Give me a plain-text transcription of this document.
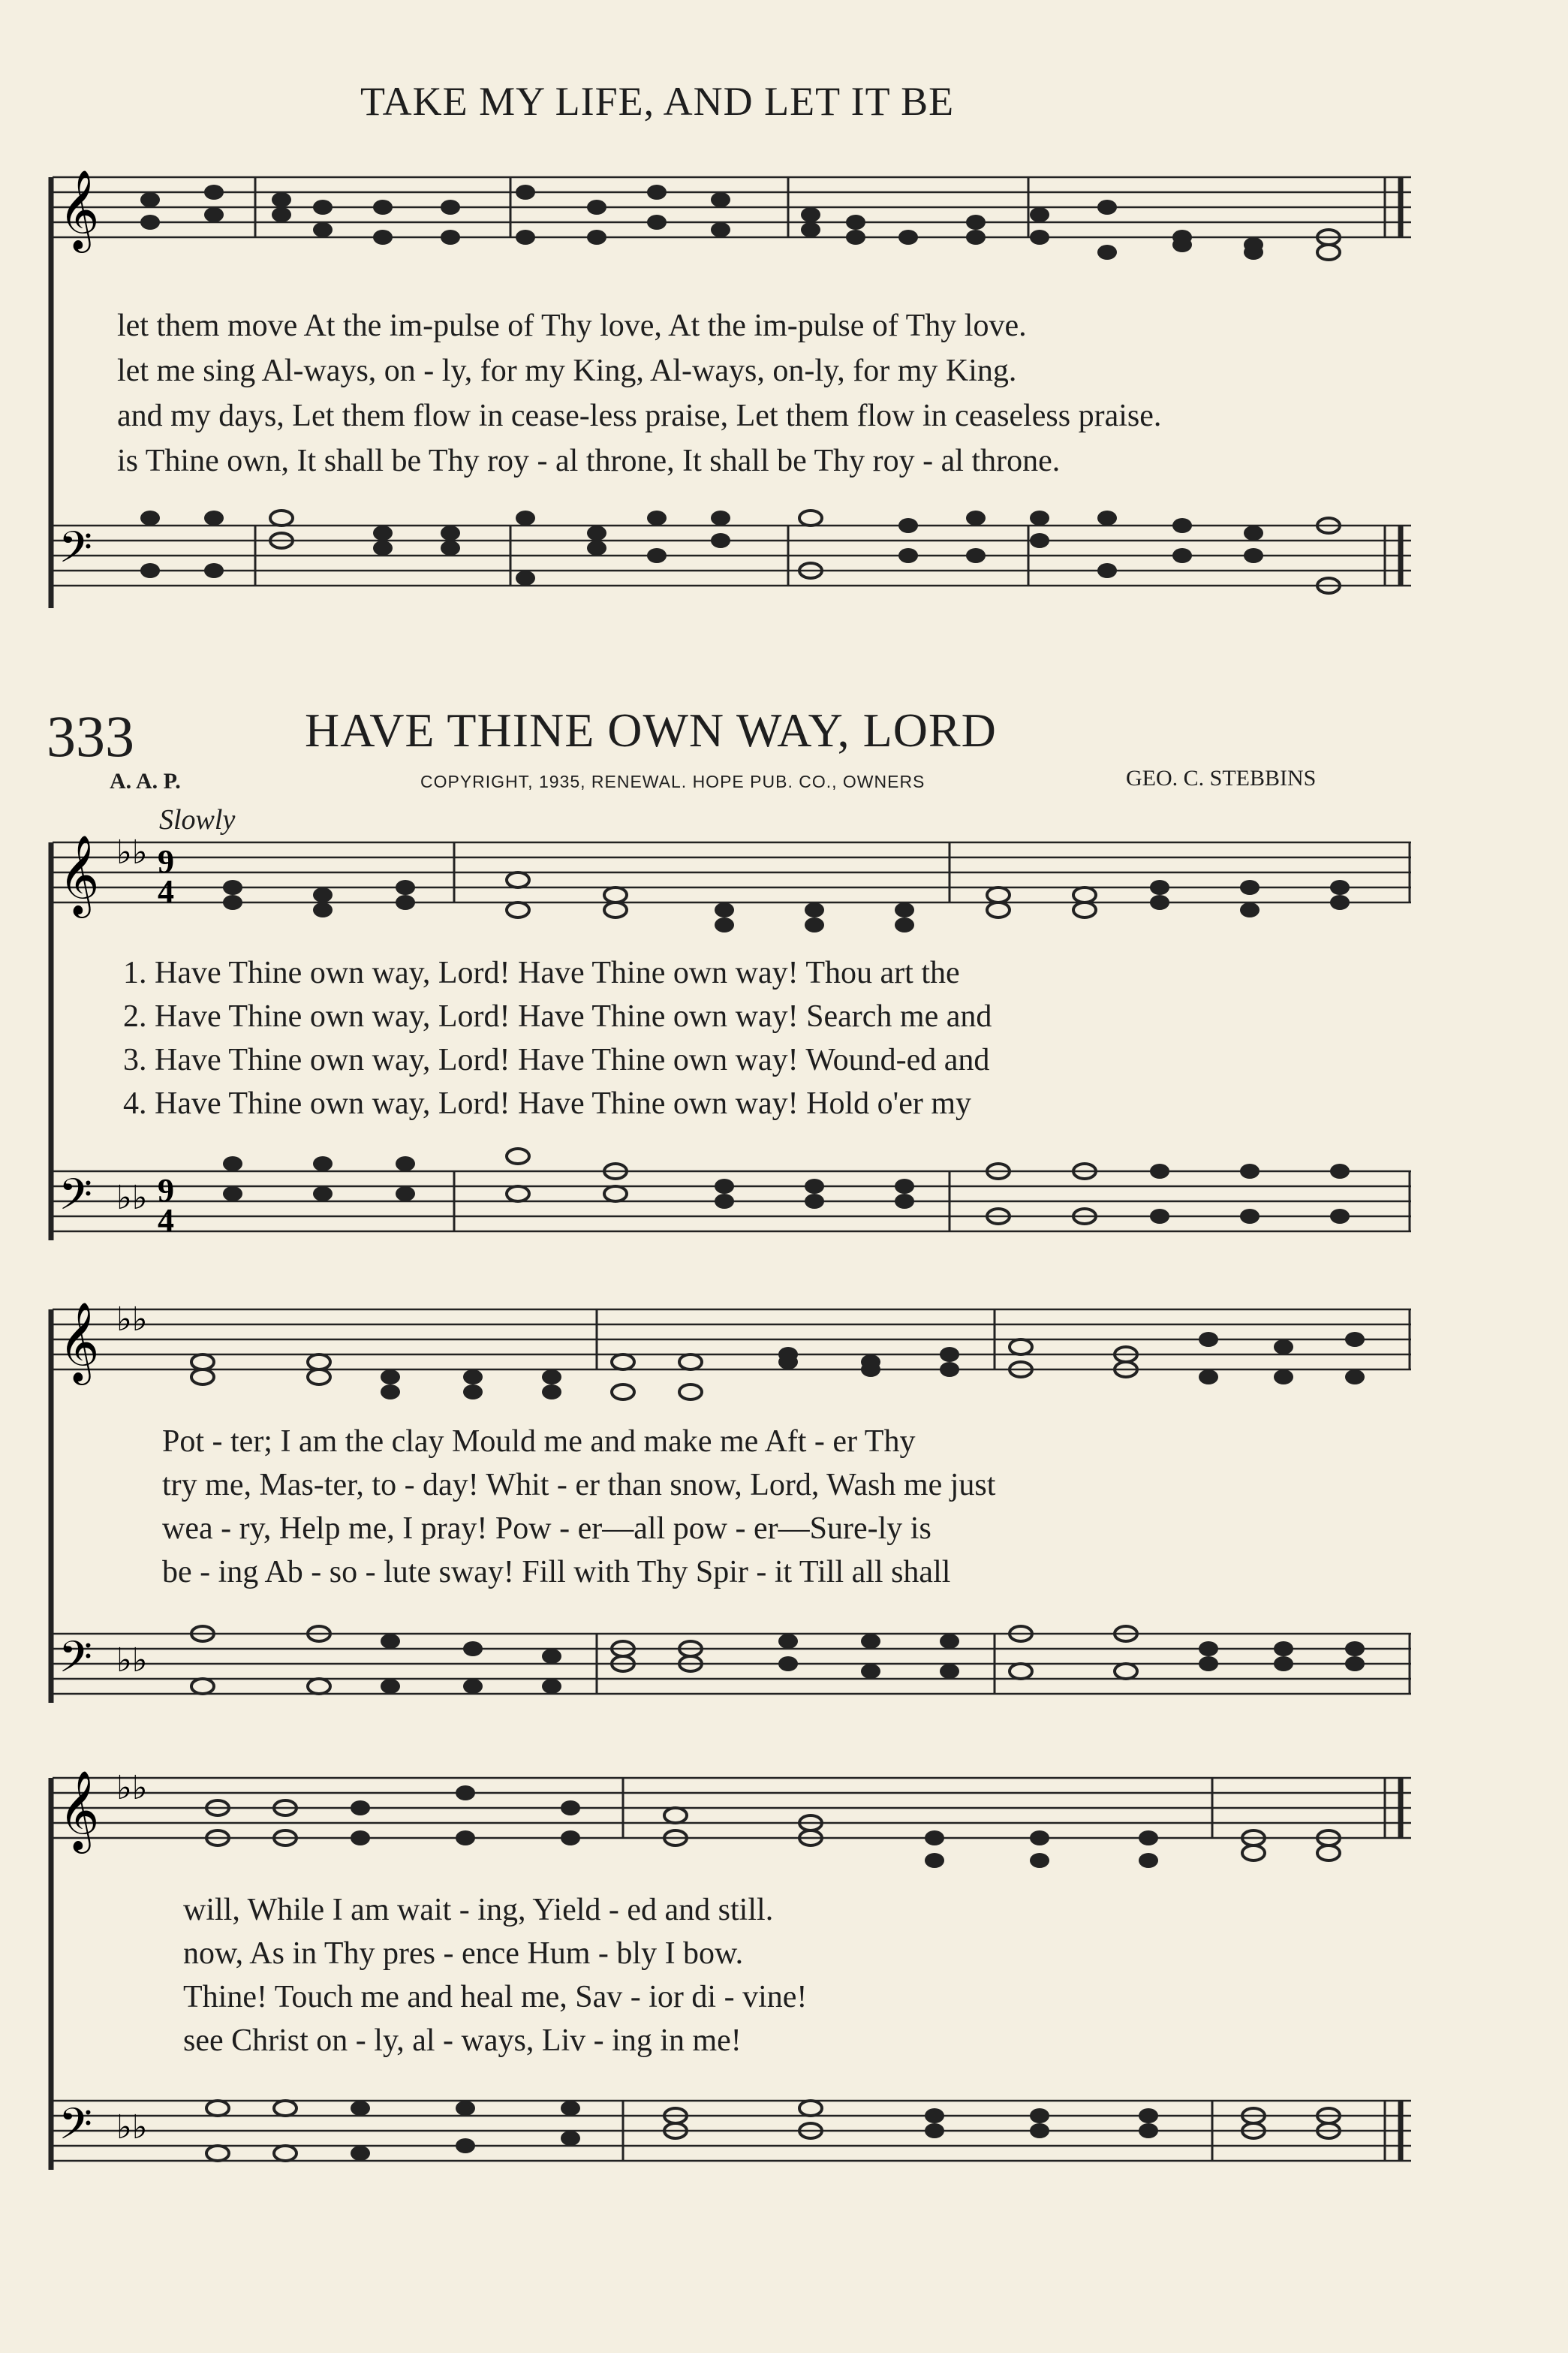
TAKE MY LIFE, AND LET IT BE
𝄞
𝄢
𝄞
𝄢
9
4
9
4
♭♭
♭♭
𝄞
𝄢
♭♭
♭♭
𝄞
𝄢
♭♭
♭♭
let them move At the im-pulse of Thy love, At the im-pulse of Thy love.
let me sing Al-ways, on - ly, for my King, Al-ways, on-ly, for my King.
and my days, Let them flow in cease-less praise, Let them flow in ceaseless praise.
is Thine own, It shall be Thy roy - al throne, It shall be Thy roy - al throne.
333	HAVE THINE OWN WAY, LORD
A. A. P.	COPYRIGHT, 1935, RENEWAL. HOPE PUB. CO., OWNERS	GEO. C. STEBBINS
Slowly
1. Have Thine own way, Lord! Have Thine own way! Thou art the
2. Have Thine own way, Lord! Have Thine own way! Search me and
3. Have Thine own way, Lord! Have Thine own way! Wound-ed and
4. Have Thine own way, Lord! Have Thine own way! Hold o'er my
Pot - ter; I am the clay Mould me and make me Aft - er Thy
try me, Mas-ter, to - day! Whit - er than snow, Lord, Wash me just
wea - ry, Help me, I pray! Pow - er—all pow - er—Sure-ly is
be - ing Ab - so - lute sway! Fill with Thy Spir - it Till all shall
will, While I am wait - ing, Yield - ed and still.
now, As in Thy pres - ence Hum - bly I bow.
Thine! Touch me and heal me, Sav - ior di - vine!
see Christ on - ly, al - ways, Liv - ing in me!
